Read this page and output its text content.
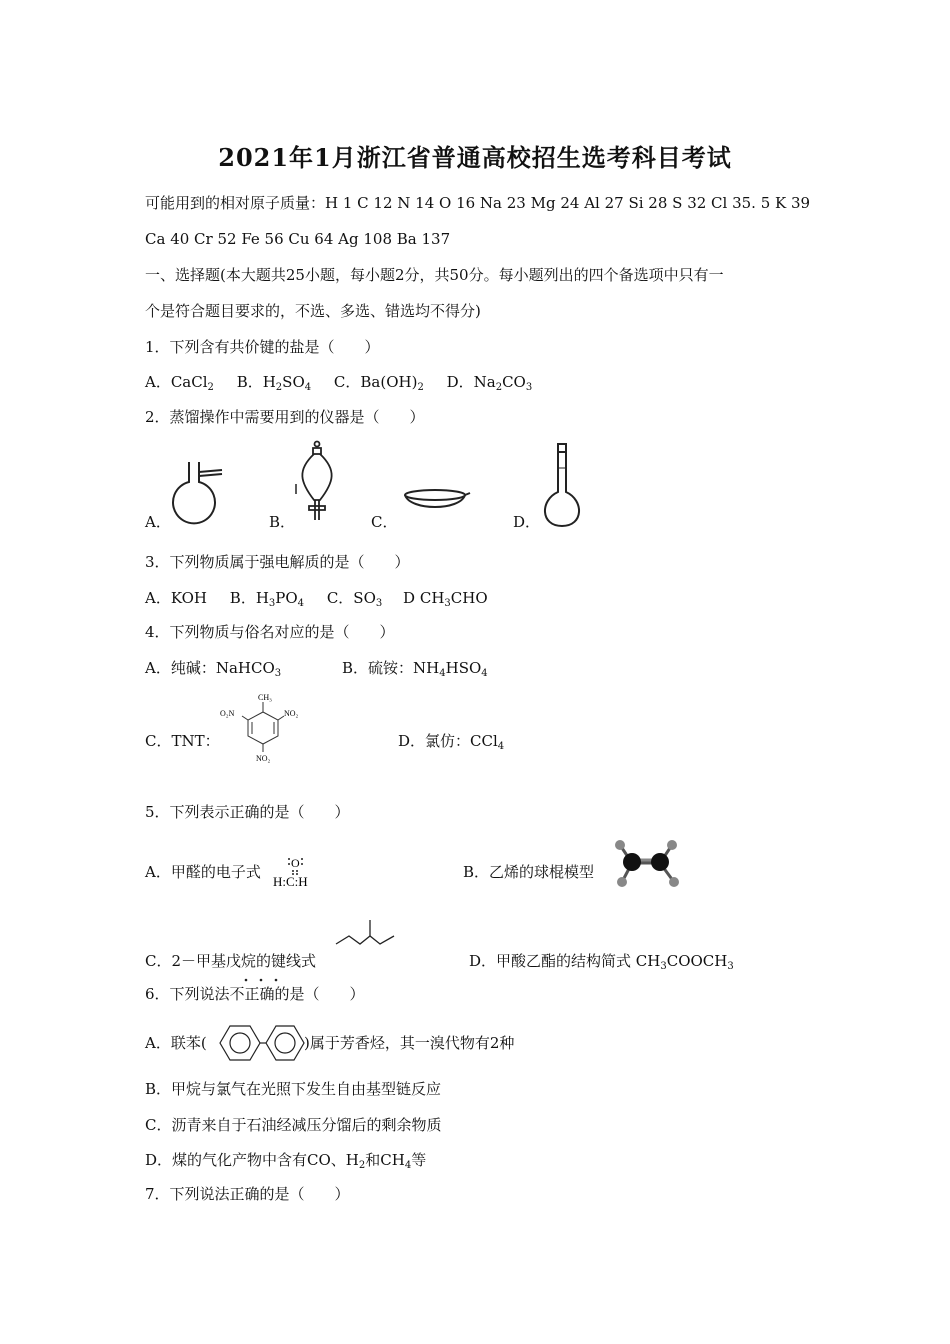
2021年1月浙江省普通高校招生选考科目考试
可能用到的相对原子质量：H 1 C 12 N 14 O 16 Na 23 Mg 24 Al 27 Si 28 S 32 Cl 35. 5 K 39
Ca 40 Cr 52 Fe 56 Cu 64 Ag 108 Ba 137
一、选择题(本大题共25小题，每小题2分，共50分。每小题列出的四个备选项中只有一
个是符合题目要求的，不选、多选、错选均不得分)
1．下列含有共价键的盐是（　　）
A．CaCl$_2$ B．$H_2SO_4$ C．$Ba(OH)_2$ D．$Na_2CO_3$
2．蒸馏操作中需要用到的仪器是（　　）
A．	B．	C．	D．
3．下列物质属于强电解质的是（　　）
A．KOH B．$H_3PO_4$ C．$SO_3$ D $CH_3CHO$
4．下列物质与俗名对应的是（　　）
A．纯碱：NaHCO$_3$	B．硫铵：$NH_4HSO_4$
C．TNT：	D．氯仿：CCl$_4$
CH₃
O₂N	NO₂
NO₂
5．下列表示正确的是（　　）
A．甲醛的电子式	O
H:C:H
B．乙烯的球棍模型
C．2－甲基戊烷的键线式	D．甲酸乙酯的结构简式 $CH_3COOCH_3$
6．下列说法不正确的是（　　）
A．联苯(	)属于芳香烃，其一溴代物有2种
B．甲烷与氯气在光照下发生自由基型链反应
C．沥青来自于石油经减压分馏后的剩余物质
D．煤的气化产物中含有CO、$H_2$和$CH_4$等
7．下列说法正确的是（　　）
